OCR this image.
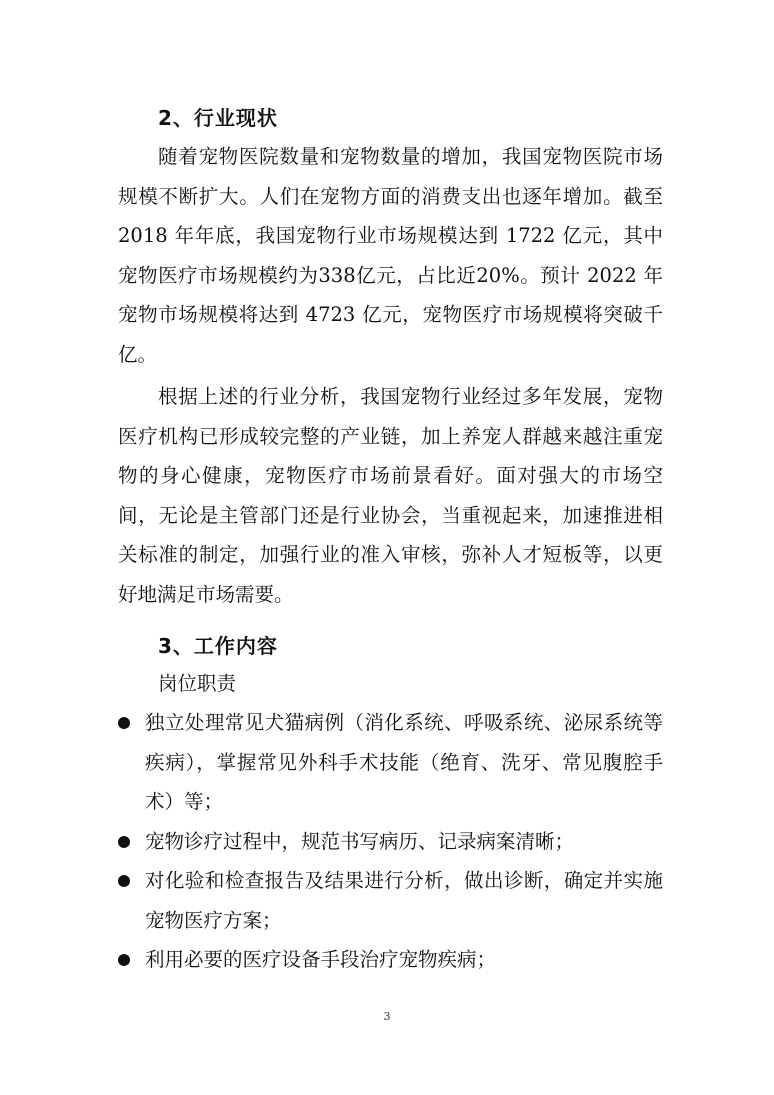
2、行业现状

随着宠物医院数量和宠物数量的增加，我国宠物医院市场规模不断扩大。人们在宠物方面的消费支出也逐年增加。截至 2018 年年底，我国宠物行业市场规模达到 1722 亿元，其中宠物医疗市场规模约为338亿元，占比近20%。预计 2022 年宠物市场规模将达到 4723 亿元，宠物医疗市场规模将突破千亿。

根据上述的行业分析，我国宠物行业经过多年发展，宠物医疗机构已形成较完整的产业链，加上养宠人群越来越注重宠物的身心健康，宠物医疗市场前景看好。面对强大的市场空间，无论是主管部门还是行业协会，当重视起来，加速推进相关标准的制定，加强行业的准入审核，弥补人才短板等，以更好地满足市场需要。

3、工作内容
岗位职责
独立处理常见犬猫病例（消化系统、呼吸系统、泌尿系统等疾病），掌握常见外科手术技能（绝育、洗牙、常见腹腔手术）等；
宠物诊疗过程中，规范书写病历、记录病案清晰；
对化验和检查报告及结果进行分析，做出诊断，确定并实施宠物医疗方案；
利用必要的医疗设备手段治疗宠物疾病；
3
